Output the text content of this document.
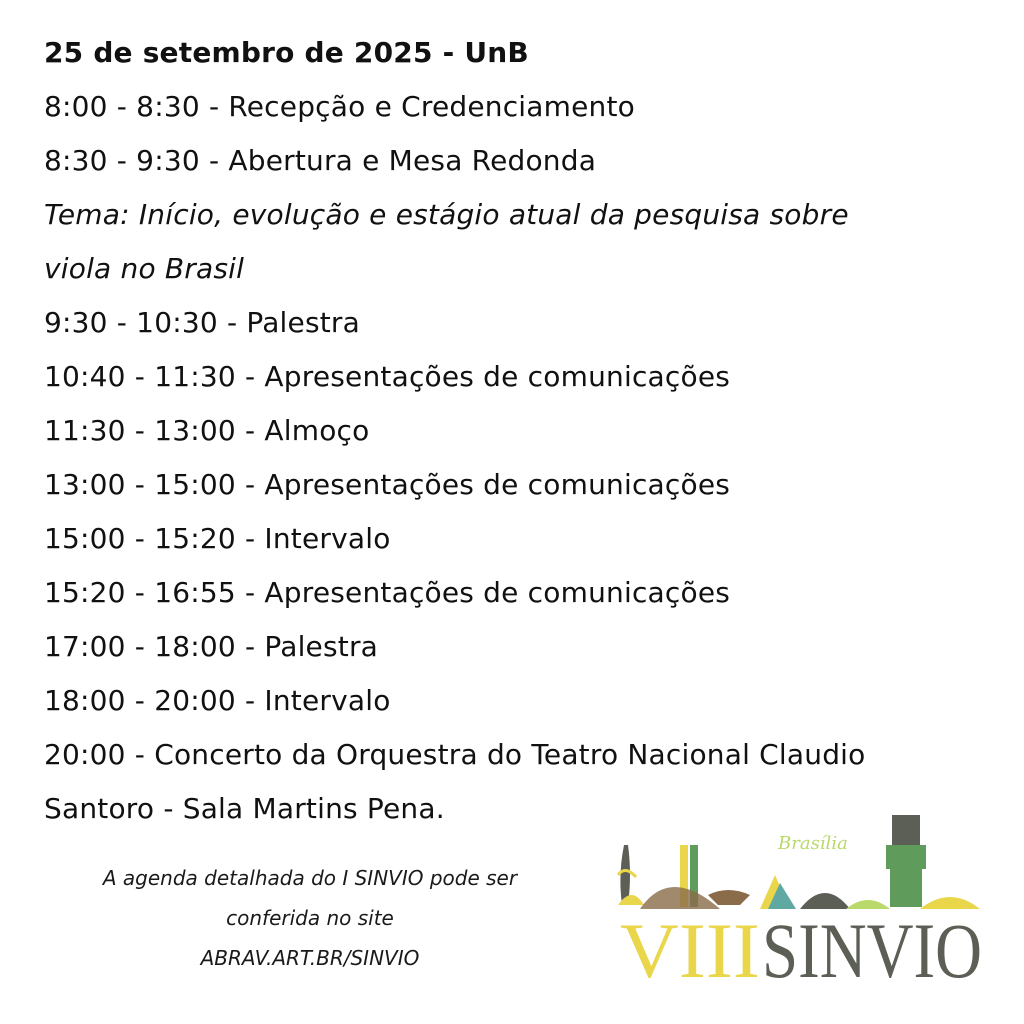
25 de setembro de 2025 - UnB
8:00 - 8:30 - Recepção e Credenciamento
8:30 - 9:30 - Abertura e Mesa Redonda
Tema: Início, evolução e estágio atual da pesquisa sobre
viola no Brasil
9:30 - 10:30 - Palestra
10:40 - 11:30 - Apresentações de comunicações
11:30 - 13:00 - Almoço
13:00 - 15:00 - Apresentações de comunicações
15:00 - 15:20 - Intervalo
15:20 - 16:55 - Apresentações de comunicações
17:00 - 18:00 - Palestra
18:00 - 20:00 - Intervalo
20:00 - Concerto da Orquestra do Teatro Nacional Claudio
Santoro - Sala Martins Pena.
A agenda detalhada do I SINVIO pode ser
conferida no site
ABRAV.ART.BR/SINVIO
Brasília
VIII SINVIO
